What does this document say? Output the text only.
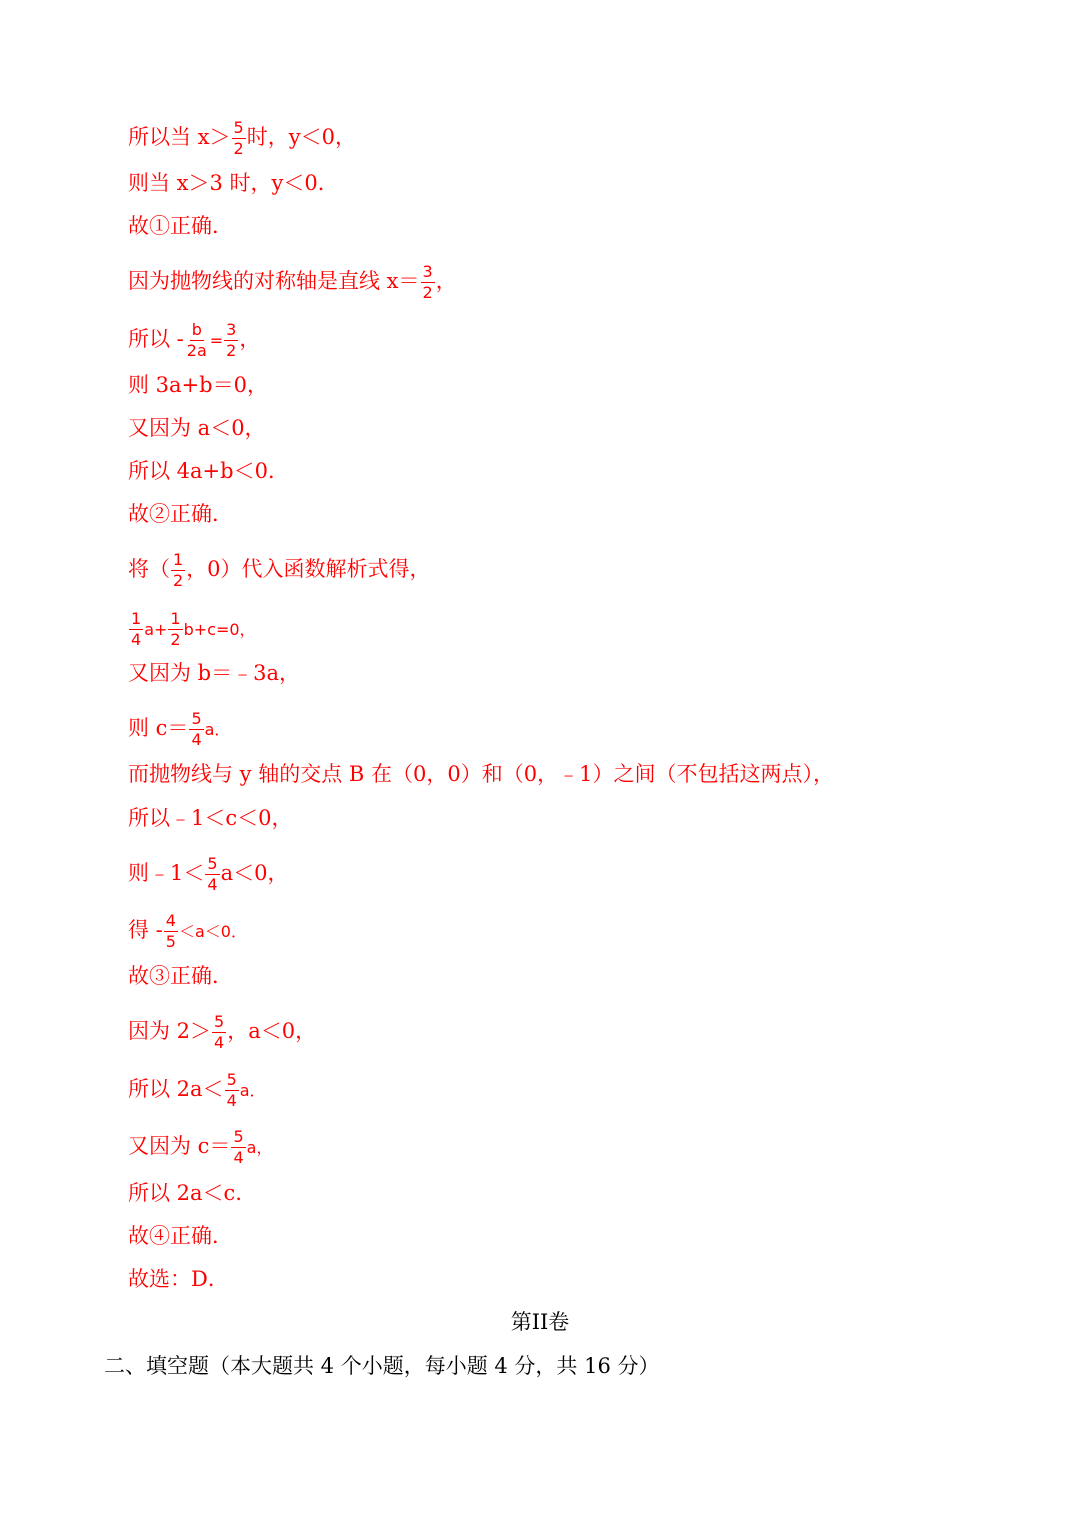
所以当 $x> \frac{5}{2}$ 时，y＜0，
则当 x＞3 时，y＜0．
故①正确．
因为抛物线的对称轴是直线 $x= \frac{3}{2}$ ，
所以 - $\frac{b}{2a} = \frac{3}{2}$ ，
则 3a+b＝0，
又因为 a＜0，
所以 4a+b＜0．
故②正确．
将（ $\frac{1}{2}$ ，0）代入函数解析式得，
$\frac{1}{4} a+ \frac{1}{2} b+c=0$，
又因为 b＝﹣3a，
则 $c= \frac{5}{4}$ a．
而抛物线与 y 轴的交点 B 在（0，0）和（0，﹣1）之间（不包括这两点），
所以﹣1＜c＜0，
则﹣1＜ $\frac{5}{4} a<0$，
得 - $\frac{4}{5} <a<0$．
故③正确．
因为 $2> \frac{5}{4}$ ，a＜0，
所以 $2a< \frac{5}{4}$ a．
又因为 $c= \frac{5}{4}$ a，
所以 2a＜c．
故④正确．
故选：D．
第II卷
二、填空题（本大题共 4 个小题，每小题 4 分，共 16 分）
